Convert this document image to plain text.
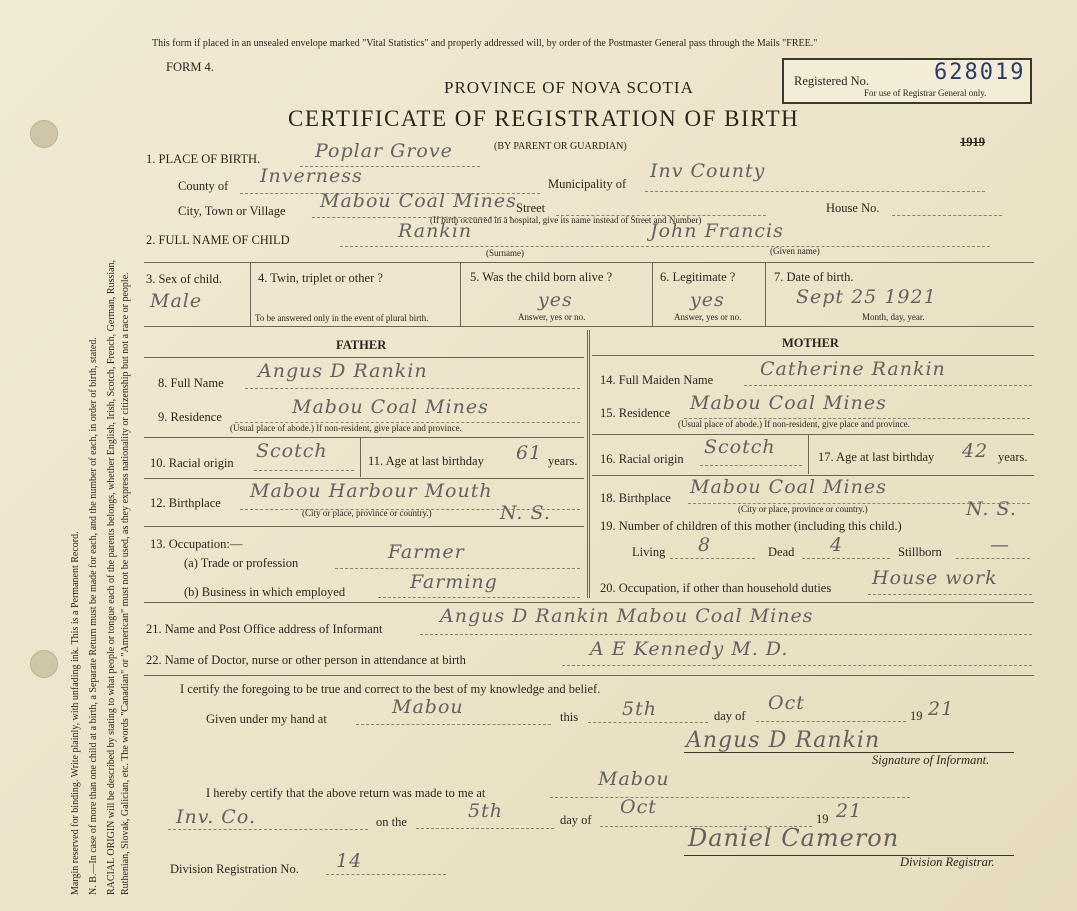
Margin reserved for binding. Write plainly, with unfading ink. This is a Permanent Record. N. B.—In case of more than one child at a birth, a Separate Return must be made for each, and the number of each, in order of birth, stated. RACIAL ORIGIN will be described by stating to what people or tongue each of the parents belongs, whether English, Irish, Scotch, French, German, Russian, Ruthenian, Slovak, Galician, etc. The words "Canadian" or "American" must not be used, as they express nationality or citizenship but not a race or people.
This form if placed in an unsealed envelope marked "Vital Statistics" and properly addressed will, by order of the Postmaster General pass through the Mails "FREE."
FORM 4.
PROVINCE OF NOVA SCOTIA
CERTIFICATE OF REGISTRATION OF BIRTH
(BY PARENT OR GUARDIAN)	1919
Registered No.
For use of Registrar General only.
628019
1. PLACE OF BIRTH.	Poplar Grove
County of Inverness	Municipality of
Inv County
City, Town or Village Mabou Coal Mines Street	House No.
(If birth occurred in a hospital, give its name instead of Street and Number)
2. FULL NAME OF CHILD	Rankin	John Francis
(Surname)	(Given name)
3. Sex of child.
Male
4. Twin, triplet or other ?
To be answered only in the event of plural birth.
5. Was the child born alive ?
yes
Answer, yes or no.
6. Legitimate ?
yes
Answer, yes or no.
7. Date of birth.
Sept 25 1921
Month, day, year.
FATHER	MOTHER
8. Full Name
Angus D Rankin
9. Residence	Mabou Coal Mines
(Usual place of abode.) If non-resident, give place and province.
10. Racial origin
Scotch	11. Age at last birthday 61 years.
12. Birthplace
Mabou Harbour Mouth
N. S.
(City or place, province or country.)
13. Occupation:—
(a) Trade or profession	Farmer
(b) Business in which employed	Farming
14. Full Maiden Name Catherine Rankin
15. Residence Mabou Coal Mines
(Usual place of abode.) If non-resident, give place and province.
16. Racial origin
Scotch	17. Age at last birthday 42 years.
18. Birthplace Mabou Coal Mines
N. S.
(City or place, province or country.)
19. Number of children of this mother (including this child.)
Living 8	Dead 4	Stillborn	—
20. Occupation, if other than household duties House work
21. Name and Post Office address of Informant
Angus D Rankin Mabou Coal Mines
22. Name of Doctor, nurse or other person in attendance at birth	A E Kennedy M. D.
I certify the foregoing to be true and correct to the best of my knowledge and belief.
Given under my hand at
Mabou	this 5th	day of
Oct
19 21
Angus D Rankin
Signature of Informant.
I hereby certify that the above return was made to me at
Mabou
Inv. Co.	on the	5th	day of
Oct
19 21
Daniel Cameron
Division Registrar.
Division Registration No. 14
